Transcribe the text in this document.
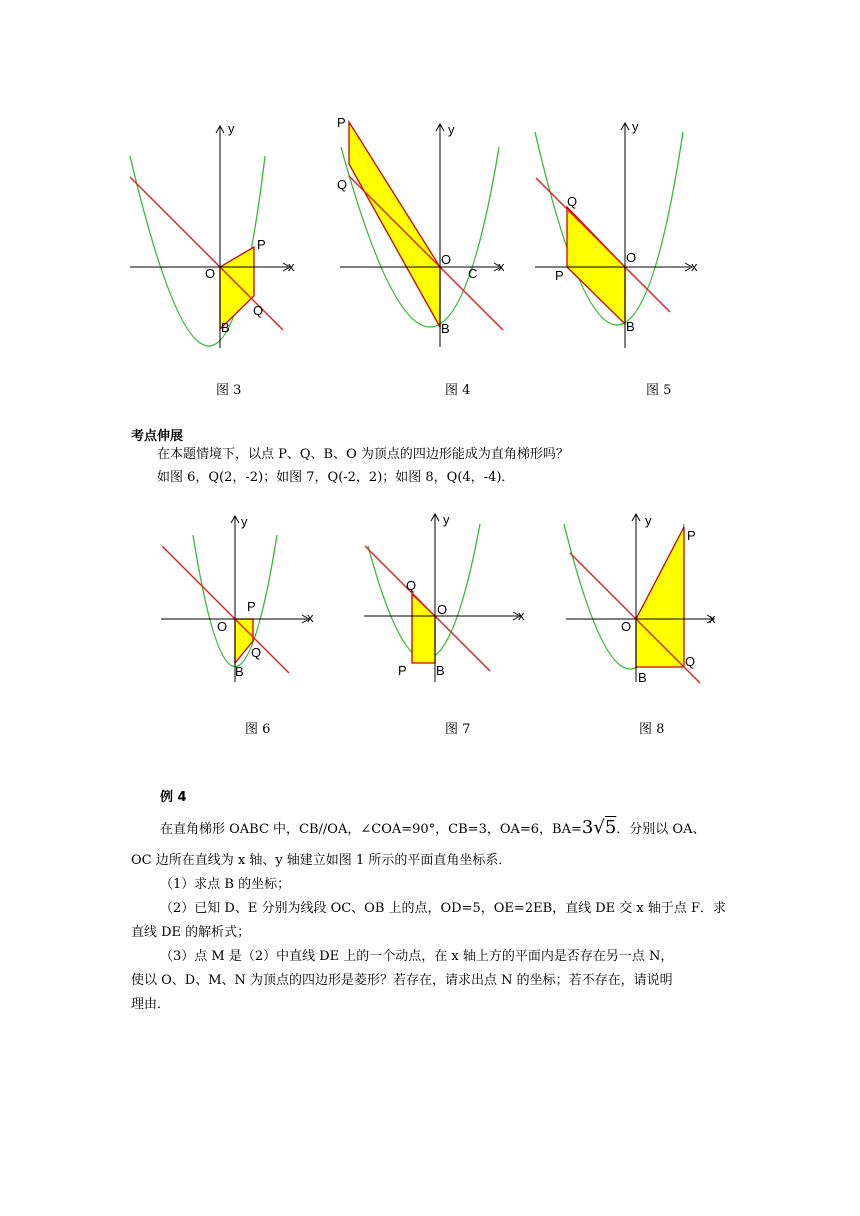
y
x
O
P
Q
B
y
x
P
Q
O
C
B
y
x
Q
O
P
B
图 3	图 4	图 5
考点伸展
在本题情境下，以点 P、Q、B、O 为顶点的四边形能成为直角梯形吗？
如图 6，Q(2，-2)；如图 7，Q(-2，2)；如图 8，Q(4，-4)．
y
x
P
O
Q
B
y
x
Q
O
P B
y
x
P
O
Q
B
图 6	图 7	图 8
例 4
在直角梯形 OABC 中，CB//OA，∠COA=90°，CB=3，OA=6，BA=3√5．分别以 OA、
OC 边所在直线为 x 轴、y 轴建立如图 1 所示的平面直角坐标系．
（1）求点 B 的坐标；
（2）已知 D、E 分别为线段 OC、OB 上的点，OD=5，OE=2EB，直线 DE 交 x 轴于点 F．求
直线 DE 的解析式；
（3）点 M 是（2）中直线 DE 上的一个动点，在 x 轴上方的平面内是否存在另一点 N，
使以 O、D、M、N 为顶点的四边形是菱形？若存在，请求出点 N 的坐标；若不存在，请说明
理由．
